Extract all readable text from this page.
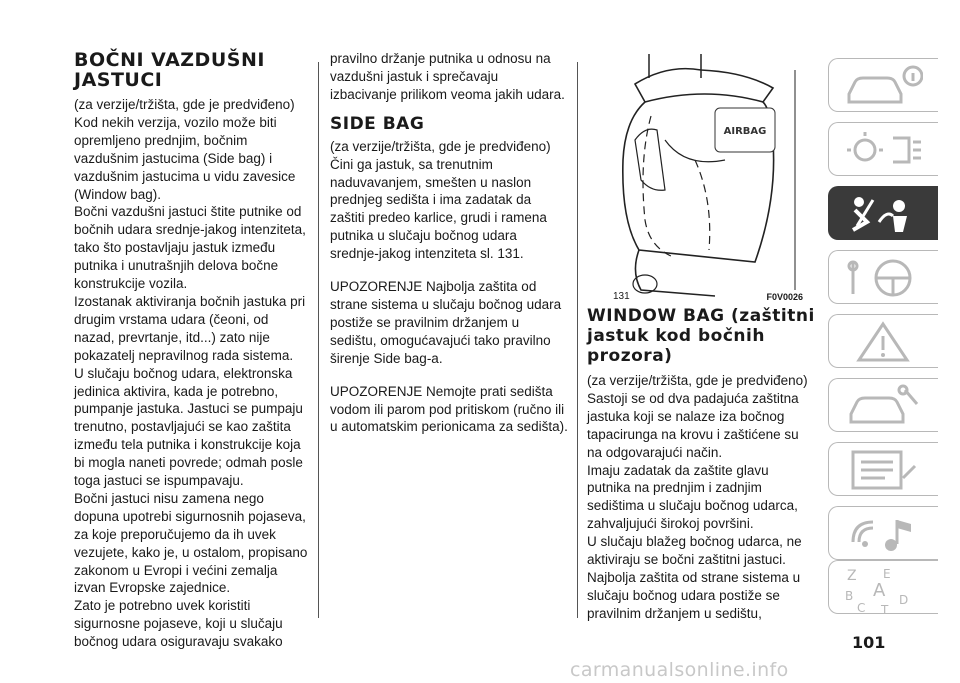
BOČNI VAZDUŠNI JASTUCI

(za verzije/tržišta, gde je predviđeno)

Kod nekih verzija, vozilo može biti opremljeno prednjim, bočnim vazdušnim jastucima (Side bag) i vazdušnim jastucima u vidu zavesice (Window bag).

Bočni vazdušni jastuci štite putnike od bočnih udara srednje-jakog intenziteta, tako što postavljaju jastuk između putnika i unutrašnjih delova bočne konstrukcije vozila.

Izostanak aktiviranja bočnih jastuka pri drugim vrstama udara (čeoni, od nazad, prevrtanje, itd...) zato nije pokazatelj nepravilnog rada sistema.

U slučaju bočnog udara, elektronska jedinica aktivira, kada je potrebno, pumpanje jastuka. Jastuci se pumpaju trenutno, postavljajući se kao zaštita između tela putnika i konstrukcije koja bi mogla naneti povrede; odmah posle toga jastuci se ispumpavaju.

Bočni jastuci nisu zamena nego dopuna upotrebi sigurnosnih pojaseva, za koje preporučujemo da ih uvek vezujete, kako je, u ostalom, propisano zakonom u Evropi i većini zemalja izvan Evropske zajednice.

Zato je potrebno uvek koristiti sigurnosne pojaseve, koji u slučaju bočnog udara osiguravaju svakako

pravilno držanje putnika u odnosu na vazdušni jastuk i sprečavaju izbacivanje prilikom veoma jakih udara.

SIDE BAG

(za verzije/tržišta, gde je predviđeno)

Čini ga jastuk, sa trenutnim naduvavanjem, smešten u naslon prednjeg sedišta i ima zadatak da zaštiti predeo karlice, grudi i ramena putnika u slučaju bočnog udara srednje-jakog intenziteta sl. 131.

UPOZORENJE Najbolja zaštita od strane sistema u slučaju bočnog udara postiže se pravilnim držanjem u sedištu, omogućavajući tako pravilno širenje Side bag-a.

UPOZORENJE Nemojte prati sedišta vodom ili parom pod pritiskom (ručno ili u automatskim perionicama za sedišta).

AIRBAG
131	F0V0026
WINDOW BAG (zaštitni jastuk kod bočnih prozora)

(za verzije/tržišta, gde je predviđeno)

Sastoji se od dva padajuća zaštitna jastuka koji se nalaze iza bočnog tapacirunga na krovu i zaštićene su na odgovarajući način.

Imaju zadatak da zaštite glavu putnika na prednjim i zadnjim sedištima u slučaju bočnog udarca, zahvaljujući širokoj površini.

U slučaju blažeg bočnog udarca, ne aktiviraju se bočni zaštitni jastuci.

Najbolja zaštita od strane sistema u slučaju bočnog udara postiže se pravilnim držanjem u sedištu,

Z E
B A
C
D
T
101
carmanualsonline.info
